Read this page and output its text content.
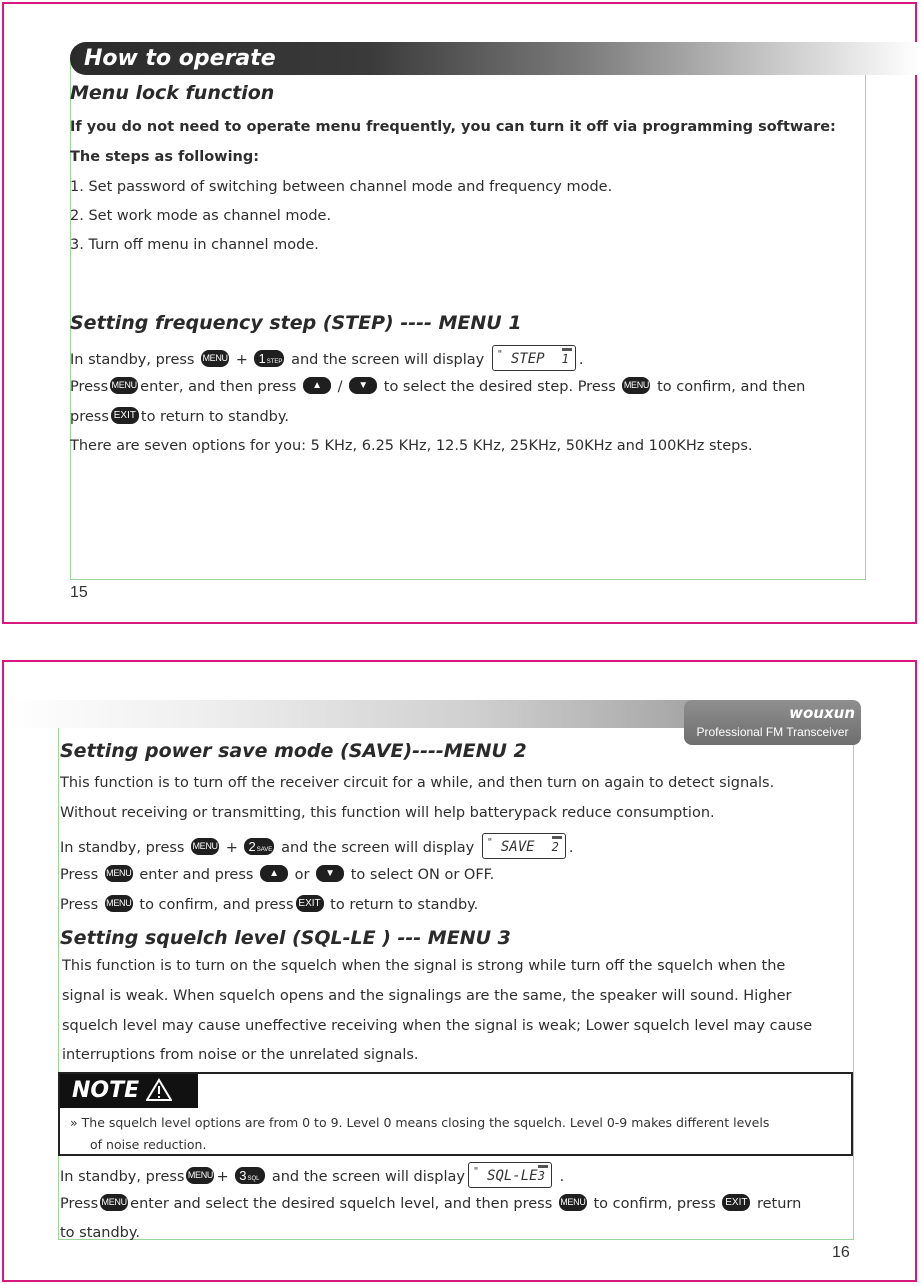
How to operate
Menu lock function
If you do not need to operate menu frequently, you can turn it off via programming software:
The steps as following:
1. Set password of switching between channel mode and frequency mode.
2. Set work mode as channel mode.
3. Turn off menu in channel mode.
Setting frequency step (STEP) ---- MENU 1
In standby, press MENU + 1STEP and the screen will display " STEP 1 .
Press MENU enter, and then press ▲ / ▼ to select the desired step. Press MENU to confirm, and then
press EXIT to return to standby.
There are seven options for you: 5 KHz, 6.25 KHz, 12.5 KHz, 25KHz, 50KHz and 100KHz steps.
15
wouxun
Professional FM Transceiver
Setting power save mode (SAVE)----MENU 2
This function is to turn off the receiver circuit for a while, and then turn on again to detect signals.
Without receiving or transmitting, this function will help batterypack reduce consumption.
In standby, press MENU + 2SAVE and the screen will display " SAVE 2 .
Press MENU enter and press ▲ or ▼ to select ON or OFF.
Press MENU to confirm, and press EXIT to return to standby.
Setting squelch level (SQL-LE ) --- MENU 3
This function is to turn on the squelch when the signal is strong while turn off the squelch when the
signal is weak. When squelch opens and the signalings are the same, the speaker will sound. Higher
squelch level may cause uneffective receiving when the signal is weak; Lower squelch level may cause
interruptions from noise or the unrelated signals.
NOTE
» The squelch level options are from 0 to 9. Level 0 means closing the squelch. Level 0-9 makes different levels
of noise reduction.
In standby, press MENU + 3SQL and the screen will display " SQL-LE 3 .
Press MENU enter and select the desired squelch level, and then press MENU to confirm, press EXIT return
to standby.
16
